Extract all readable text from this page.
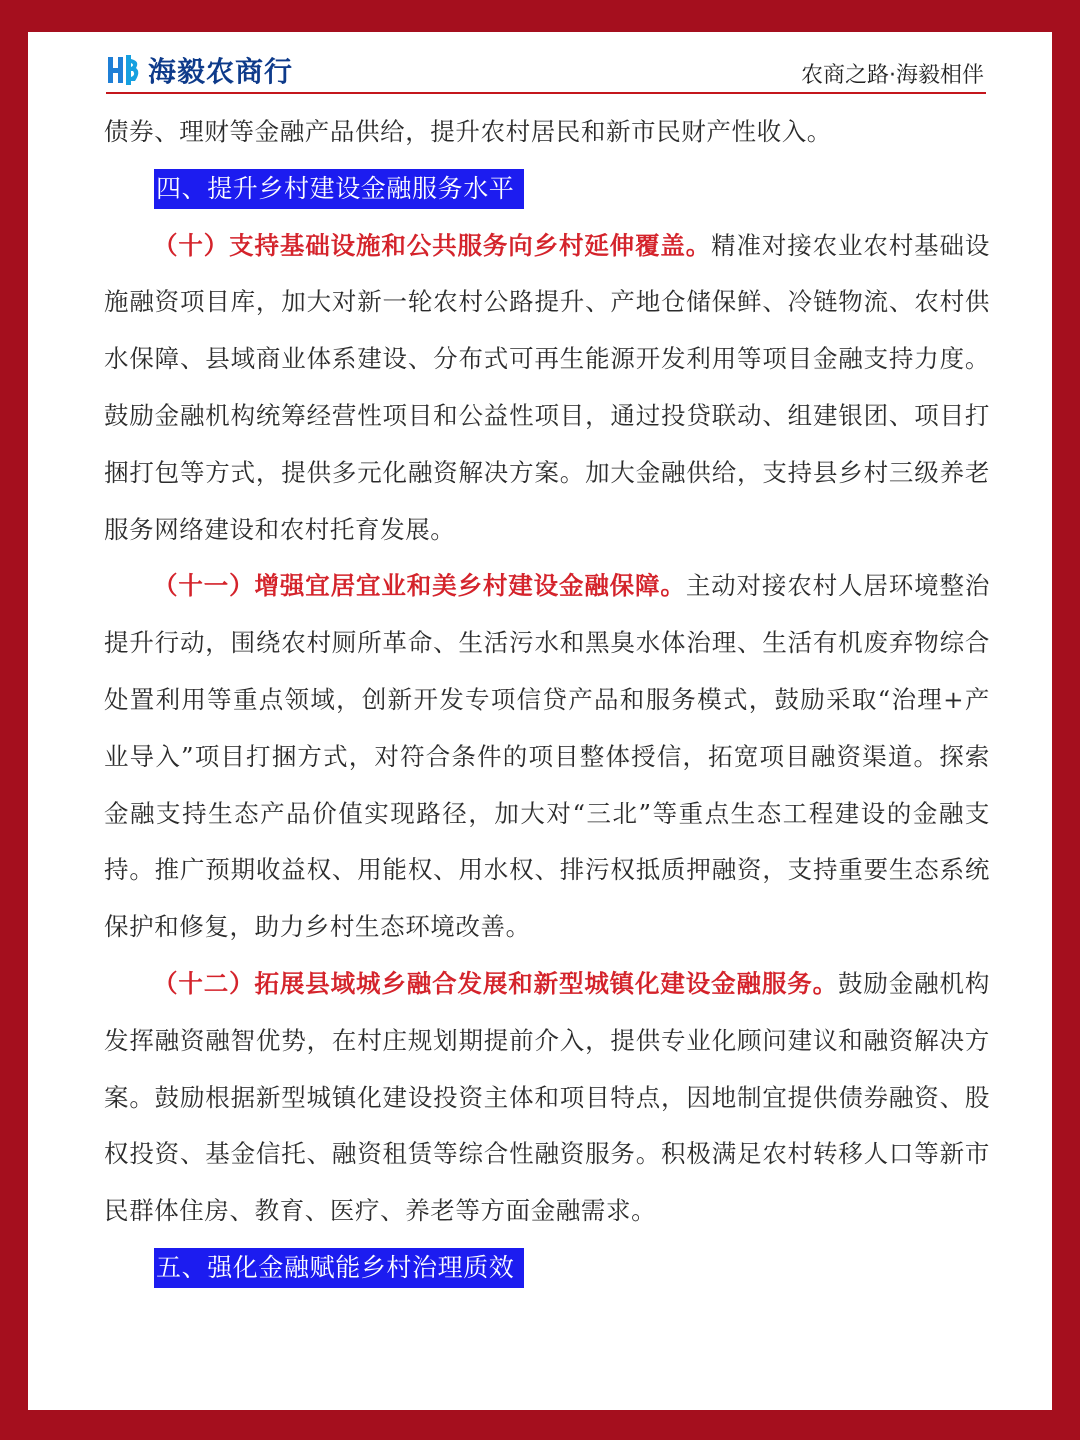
海毅农商行	农商之路·海毅相伴

债券、理财等金融产品供给，提升农村居民和新市民财产性收入。

四、提升乡村建设金融服务水平

（十）支持基础设施和公共服务向乡村延伸覆盖。精准对接农业农村基础设施融资项目库，加大对新一轮农村公路提升、产地仓储保鲜、冷链物流、农村供水保障、县域商业体系建设、分布式可再生能源开发利用等项目金融支持力度。鼓励金融机构统筹经营性项目和公益性项目，通过投贷联动、组建银团、项目打捆打包等方式，提供多元化融资解决方案。加大金融供给，支持县乡村三级养老服务网络建设和农村托育发展。

（十一）增强宜居宜业和美乡村建设金融保障。主动对接农村人居环境整治提升行动，围绕农村厕所革命、生活污水和黑臭水体治理、生活有机废弃物综合处置利用等重点领域，创新开发专项信贷产品和服务模式，鼓励采取“治理+产业导入”项目打捆方式，对符合条件的项目整体授信，拓宽项目融资渠道。探索金融支持生态产品价值实现路径，加大对“三北”等重点生态工程建设的金融支持。推广预期收益权、用能权、用水权、排污权抵质押融资，支持重要生态系统保护和修复，助力乡村生态环境改善。

（十二）拓展县域城乡融合发展和新型城镇化建设金融服务。鼓励金融机构发挥融资融智优势，在村庄规划期提前介入，提供专业化顾问建议和融资解决方案。鼓励根据新型城镇化建设投资主体和项目特点，因地制宜提供债券融资、股权投资、基金信托、融资租赁等综合性融资服务。积极满足农村转移人口等新市民群体住房、教育、医疗、养老等方面金融需求。

五、强化金融赋能乡村治理质效
